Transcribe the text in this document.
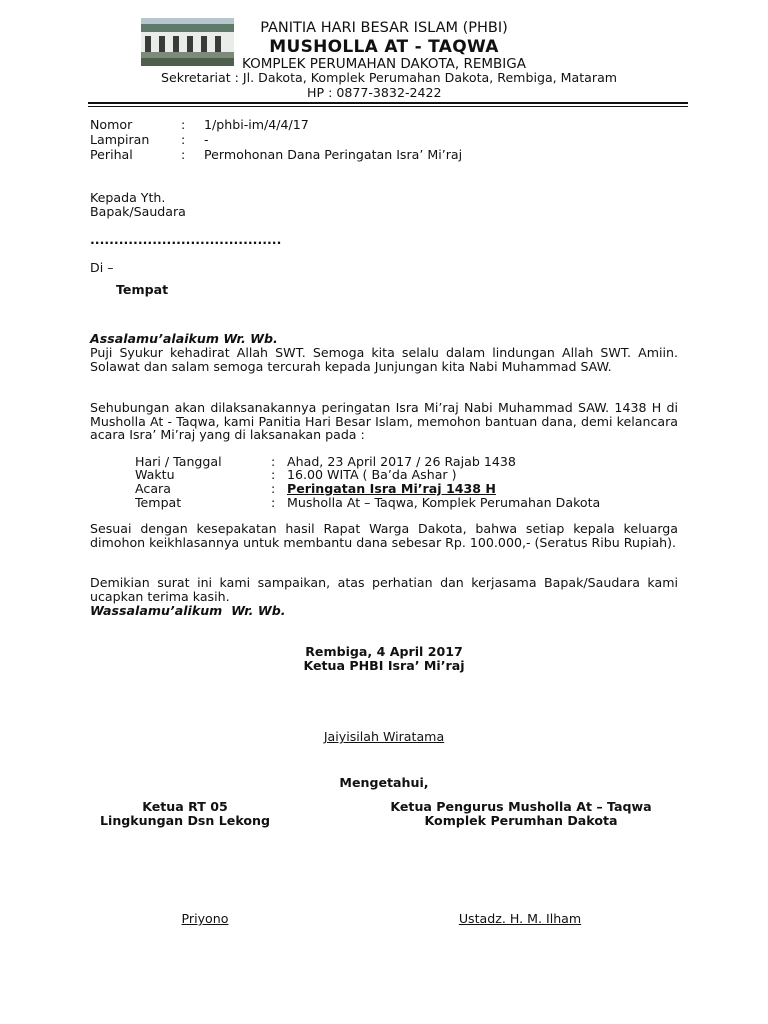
PANITIA HARI BESAR ISLAM (PHBI)
MUSHOLLA AT - TAQWA
KOMPLEK PERUMAHAN DAKOTA, REMBIGA
Sekretariat : Jl. Dakota, Komplek Perumahan Dakota, Rembiga, Mataram
HP : 0877-3832-2422
Nomor	: 1/phbi-im/4/4/17
Lampiran	: -
Perihal	: Permohonan Dana Peringatan Isra’ Mi’raj
Kepada Yth.
Bapak/Saudara
........................................
Di –
Tempat
Assalamu’alaikum Wr. Wb.
Puji Syukur kehadirat Allah SWT. Semoga kita selalu dalam lindungan Allah SWT. Amiin. Solawat dan salam semoga tercurah kepada Junjungan kita Nabi Muhammad SAW.
Sehubungan akan dilaksanakannya peringatan Isra Mi’raj Nabi Muhammad SAW. 1438 H di Musholla At - Taqwa, kami Panitia Hari Besar Islam, memohon bantuan dana, demi kelancara acara Isra’ Mi’raj yang di laksanakan pada :
Hari / Tanggal	: Ahad, 23 April 2017 / 26 Rajab 1438
Waktu	: 16.00 WITA ( Ba’da Ashar )
Acara	: Peringatan Isra Mi’raj 1438 H
Tempat	: Musholla At – Taqwa, Komplek Perumahan Dakota
Sesuai dengan kesepakatan hasil Rapat Warga Dakota, bahwa setiap kepala keluarga dimohon keikhlasannya untuk membantu dana sebesar Rp. 100.000,- (Seratus Ribu Rupiah).
Demikian surat ini kami sampaikan, atas perhatian dan kerjasama Bapak/Saudara kami ucapkan terima kasih.
Wassalamu’alikum  Wr. Wb.
Rembiga, 4 April 2017
Ketua PHBI Isra’ Mi’raj
Jaiyisilah Wiratama
Mengetahui,
Ketua RT 05
Lingkungan Dsn Lekong
Ketua Pengurus Musholla At – Taqwa
Komplek Perumhan Dakota
Priyono	Ustadz. H. M. Ilham
